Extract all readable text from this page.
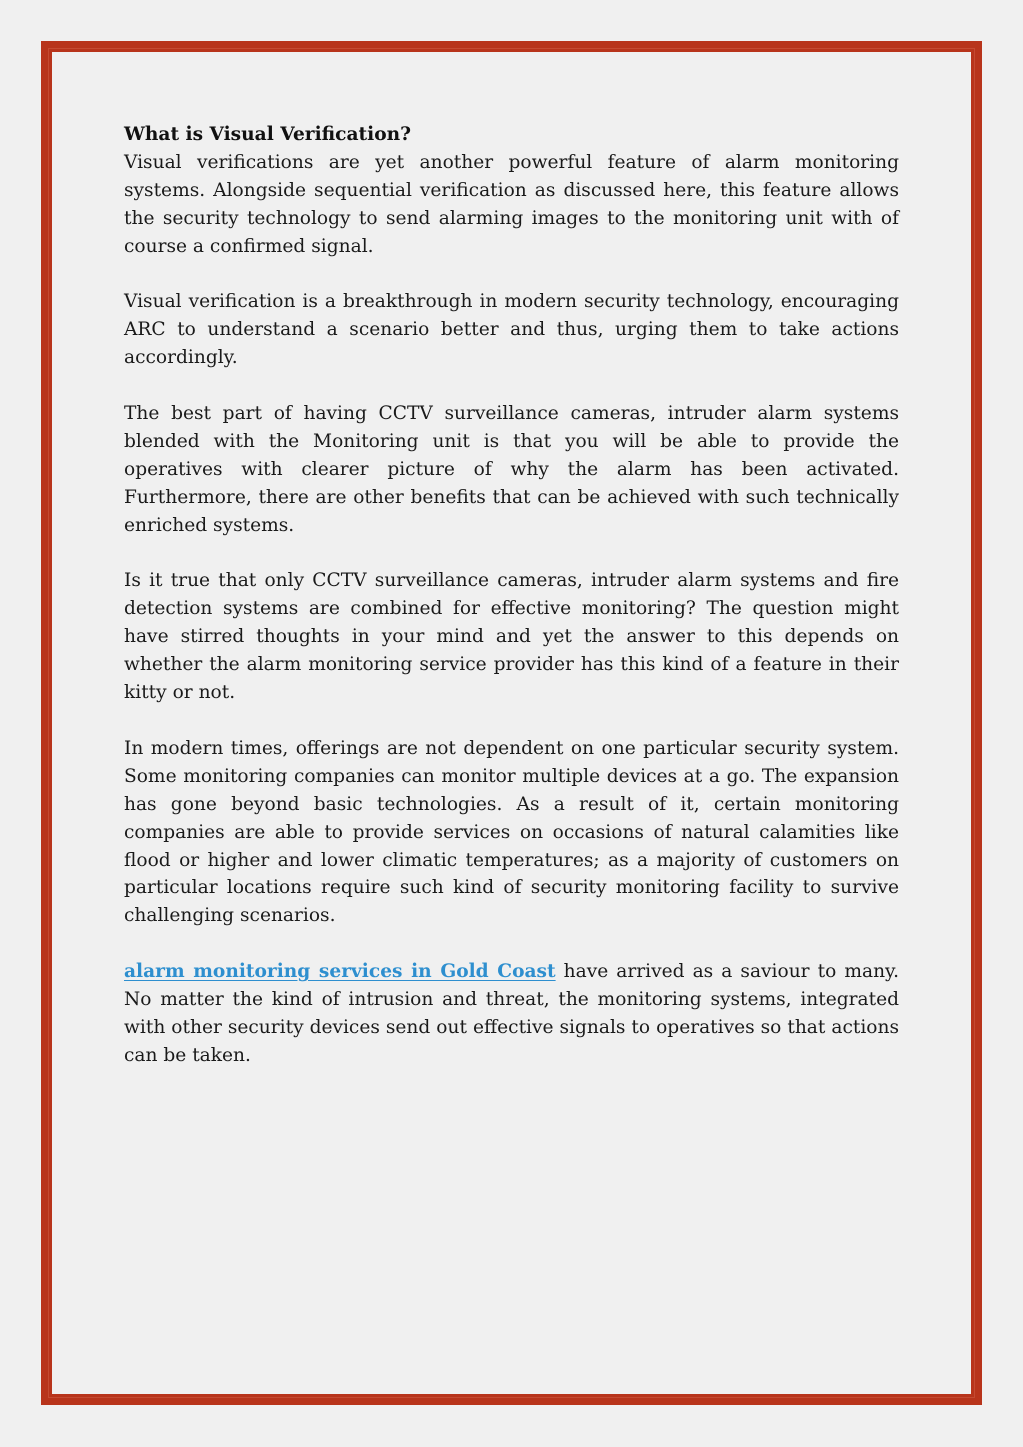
What is Visual Verification?

Visual verifications are yet another powerful feature of alarm monitoring systems. Alongside sequential verification as discussed here, this feature allows the security technology to send alarming images to the monitoring unit with of course a confirmed signal.

Visual verification is a breakthrough in modern security technology, encouraging ARC to understand a scenario better and thus, urging them to take actions accordingly.

The best part of having CCTV surveillance cameras, intruder alarm systems blended with the Monitoring unit is that you will be able to provide the operatives with clearer picture of why the alarm has been activated. Furthermore, there are other benefits that can be achieved with such technically enriched systems.

Is it true that only CCTV surveillance cameras, intruder alarm systems and fire detection systems are combined for effective monitoring? The question might have stirred thoughts in your mind and yet the answer to this depends on whether the alarm monitoring service provider has this kind of a feature in their kitty or not.

In modern times, offerings are not dependent on one particular security system. Some monitoring companies can monitor multiple devices at a go. The expansion has gone beyond basic technologies. As a result of it, certain monitoring companies are able to provide services on occasions of natural calamities like flood or higher and lower climatic temperatures; as a majority of customers on particular locations require such kind of security monitoring facility to survive challenging scenarios.

alarm monitoring services in Gold Coast have arrived as a saviour to many. No matter the kind of intrusion and threat, the monitoring systems, integrated with other security devices send out effective signals to operatives so that actions can be taken.
